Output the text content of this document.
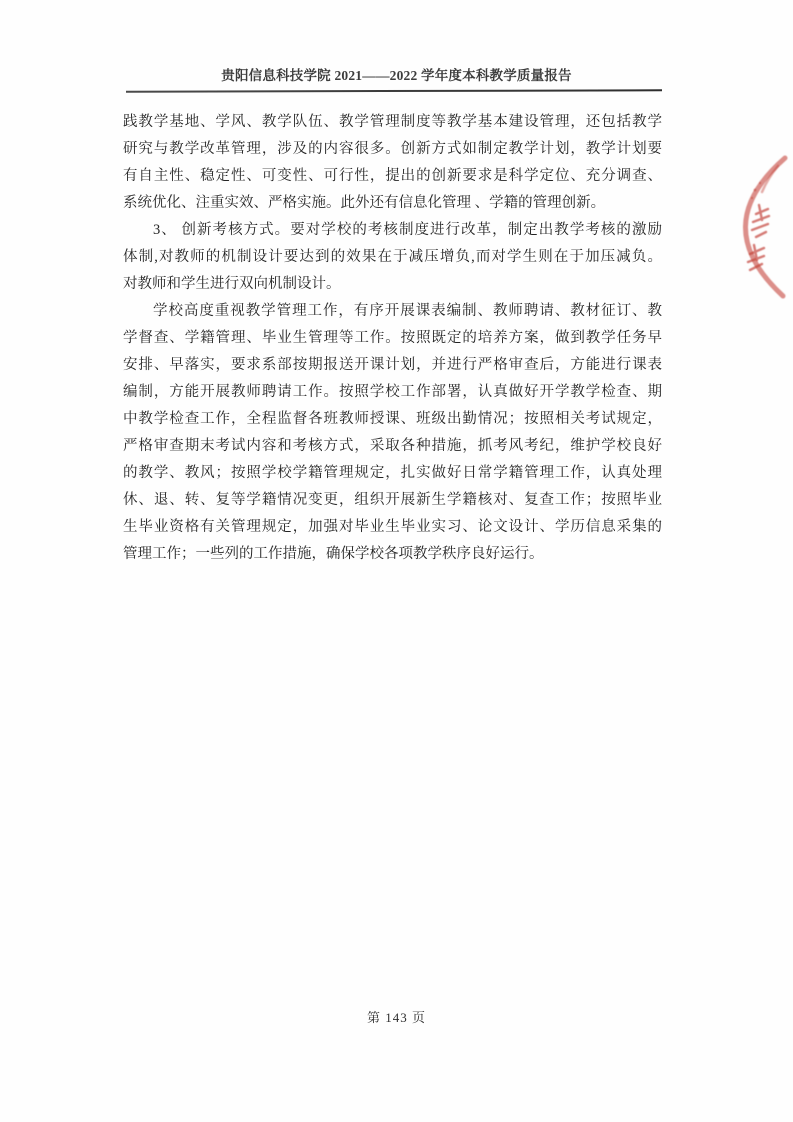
贵阳信息科技学院 2021——2022 学年度本科教学质量报告
践教学基地、学风、教学队伍、教学管理制度等教学基本建设管理，还包括教学
研究与教学改革管理，涉及的内容很多。创新方式如制定教学计划，教学计划要
有自主性、稳定性、可变性、可行性，提出的创新要求是科学定位、充分调查、
系统优化、注重实效、严格实施。此外还有信息化管理 、学籍的管理创新。
3、 创新考核方式。要对学校的考核制度进行改革，制定出教学考核的激励
体制,对教师的机制设计要达到的效果在于减压增负,而对学生则在于加压减负。
对教师和学生进行双向机制设计。
学校高度重视教学管理工作，有序开展课表编制、教师聘请、教材征订、教
学督查、学籍管理、毕业生管理等工作。按照既定的培养方案，做到教学任务早
安排、早落实，要求系部按期报送开课计划，并进行严格审查后，方能进行课表
编制，方能开展教师聘请工作。按照学校工作部署，认真做好开学教学检查、期
中教学检查工作，全程监督各班教师授课、班级出勤情况；按照相关考试规定，
严格审查期末考试内容和考核方式，采取各种措施，抓考风考纪，维护学校良好
的教学、教风；按照学校学籍管理规定，扎实做好日常学籍管理工作，认真处理
休、退、转、复等学籍情况变更，组织开展新生学籍核对、复查工作；按照毕业
生毕业资格有关管理规定，加强对毕业生毕业实习、论文设计、学历信息采集的
管理工作；一些列的工作措施，确保学校各项教学秩序良好运行。
第 143 页
